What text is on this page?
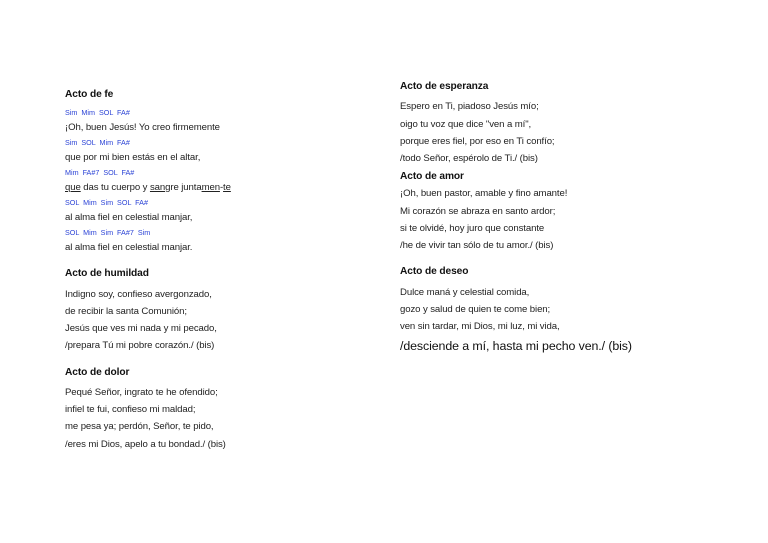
Acto de fe
Sim Mim SOL FA#
¡Oh, buen Jesús! Yo creo firmemente
Sim SOL Mim FA#
que por mi bien estás en el altar,
Mim FA#7 SOL FA#
que das tu cuerpo y sangre juntamen-te
SOL Mim Sim SOL FA#
al alma fiel en celestial manjar,
SOL Mim Sim FA#7 Sim
al alma fiel en celestial manjar.
Acto de humildad
Indigno soy, confieso avergonzado,
de recibir la santa Comunión;
Jesús que ves mi nada y mi pecado,
/prepara Tú mi pobre corazón./ (bis)
Acto de dolor
Pequé Señor, ingrato te he ofendido;
infiel te fui, confieso mi maldad;
me pesa ya; perdón, Señor, te pido,
/eres mi Dios, apelo a tu bondad./ (bis)
Acto de esperanza
Espero en Ti, piadoso Jesús mío;
oigo tu voz que dice "ven a mí",
porque eres fiel, por eso en Ti confío;
/todo Señor, espérolo de Ti./ (bis)
Acto de amor
¡Oh, buen pastor, amable y fino amante!
Mi corazón se abraza en santo ardor;
si te olvidé, hoy juro que constante
/he de vivir tan sólo de tu amor./ (bis)
Acto de deseo
Dulce maná y celestial comida,
gozo y salud de quien te come bien;
ven sin tardar, mi Dios, mi luz, mi vida,
/desciende a mí, hasta mi pecho ven./ (bis)
